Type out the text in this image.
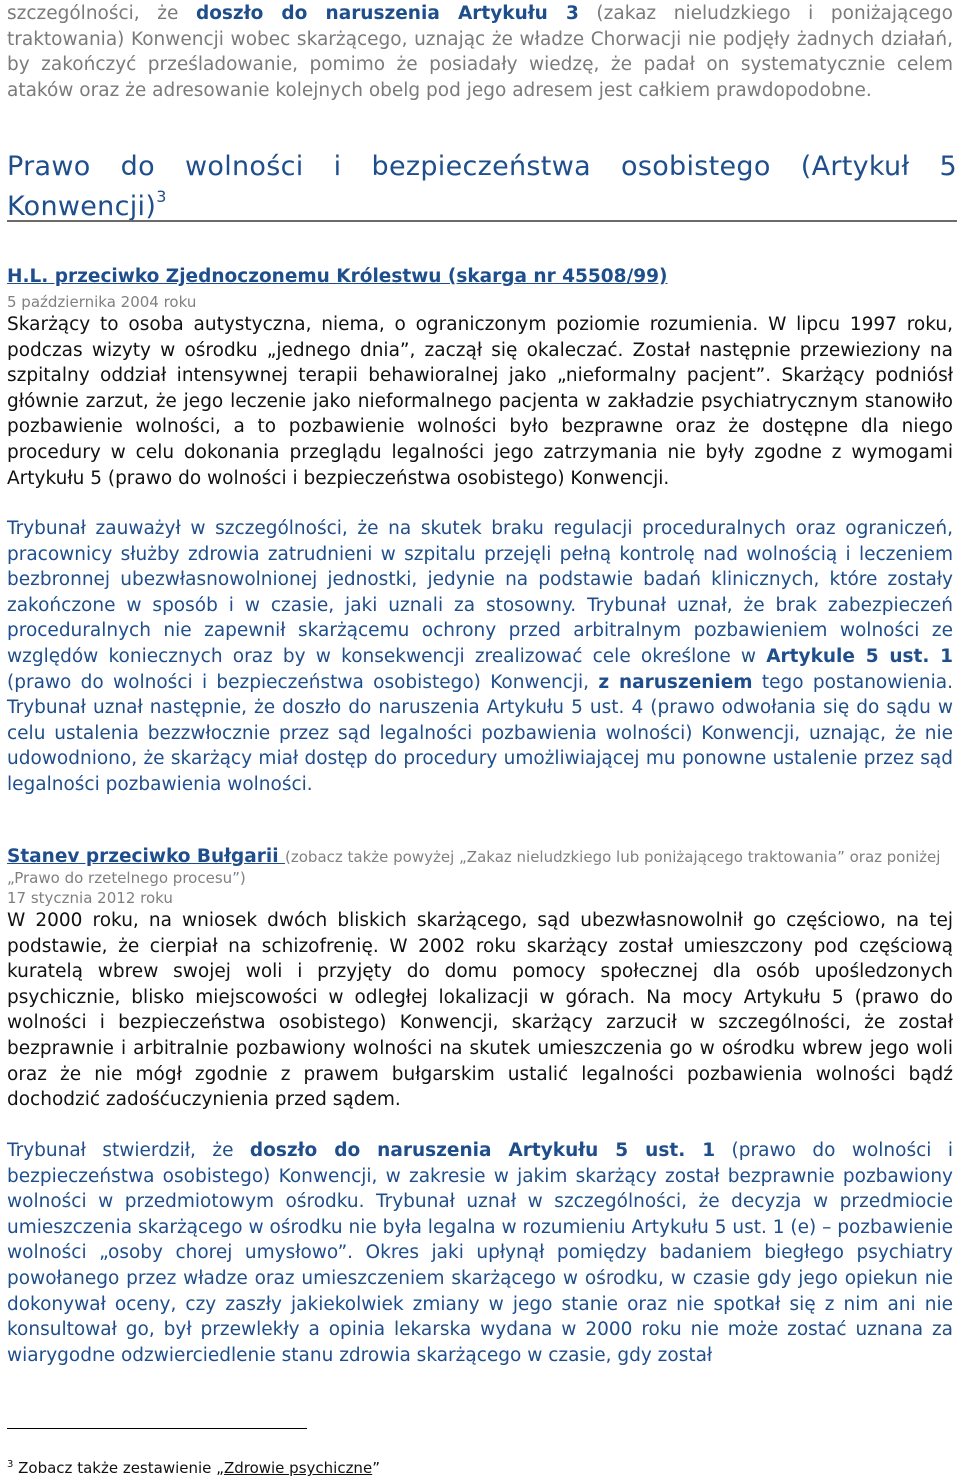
szczególności, że doszło do naruszenia Artykułu 3 (zakaz nieludzkiego i poniżającego traktowania) Konwencji wobec skarżącego, uznając że władze Chorwacji nie podjęły żadnych działań, by zakończyć prześladowanie, pomimo że posiadały wiedzę, że padał on systematycznie celem ataków oraz że adresowanie kolejnych obelg pod jego adresem jest całkiem prawdopodobne.

Prawo do wolności i bezpieczeństwa osobistego (Artykuł 5 Konwencji)$^3$

H.L. przeciwko Zjednoczonemu Królestwu (skarga nr 45508/99)

5 października 2004 roku

Skarżący to osoba autystyczna, niema, o ograniczonym poziomie rozumienia. W lipcu 1997 roku, podczas wizyty w ośrodku „jednego dnia”, zaczął się okaleczać. Został następnie przewieziony na szpitalny oddział intensywnej terapii behawioralnej jako „nieformalny pacjent”. Skarżący podniósł głównie zarzut, że jego leczenie jako nieformalnego pacjenta w zakładzie psychiatrycznym stanowiło pozbawienie wolności, a to pozbawienie wolności było bezprawne oraz że dostępne dla niego procedury w celu dokonania przeglądu legalności jego zatrzymania nie były zgodne z wymogami Artykułu 5 (prawo do wolności i bezpieczeństwa osobistego) Konwencji.

Trybunał zauważył w szczególności, że na skutek braku regulacji proceduralnych oraz ograniczeń, pracownicy służby zdrowia zatrudnieni w szpitalu przejęli pełną kontrolę nad wolnością i leczeniem bezbronnej ubezwłasnowolnionej jednostki, jedynie na podstawie badań klinicznych, które zostały zakończone w sposób i w czasie, jaki uznali za stosowny. Trybunał uznał, że brak zabezpieczeń proceduralnych nie zapewnił skarżącemu ochrony przed arbitralnym pozbawieniem wolności ze względów koniecznych oraz by w konsekwencji zrealizować cele określone w Artykule 5 ust. 1 (prawo do wolności i bezpieczeństwa osobistego) Konwencji, z naruszeniem tego postanowienia. Trybunał uznał następnie, że doszło do naruszenia Artykułu 5 ust. 4 (prawo odwołania się do sądu w celu ustalenia bezzwłocznie przez sąd legalności pozbawienia wolności) Konwencji, uznając, że nie udowodniono, że skarżący miał dostęp do procedury umożliwiającej mu ponowne ustalenie przez sąd legalności pozbawienia wolności.

Stanev przeciwko Bułgarii (zobacz także powyżej „Zakaz nieludzkiego lub poniżającego traktowania” oraz poniżej „Prawo do rzetelnego procesu”)

17 stycznia 2012 roku

W 2000 roku, na wniosek dwóch bliskich skarżącego, sąd ubezwłasnowolnił go częściowo, na tej podstawie, że cierpiał na schizofrenię. W 2002 roku skarżący został umieszczony pod częściową kuratelą wbrew swojej woli i przyjęty do domu pomocy społecznej dla osób upośledzonych psychicznie, blisko miejscowości w odległej lokalizacji w górach. Na mocy Artykułu 5 (prawo do wolności i bezpieczeństwa osobistego) Konwencji, skarżący zarzucił w szczególności, że został bezprawnie i arbitralnie pozbawiony wolności na skutek umieszczenia go w ośrodku wbrew jego woli oraz że nie mógł zgodnie z prawem bułgarskim ustalić legalności pozbawienia wolności bądź dochodzić zadośćuczynienia przed sądem.

Trybunał stwierdził, że doszło do naruszenia Artykułu 5 ust. 1 (prawo do wolności i bezpieczeństwa osobistego) Konwencji, w zakresie w jakim skarżący został bezprawnie pozbawiony wolności w przedmiotowym ośrodku. Trybunał uznał w szczególności, że decyzja w przedmiocie umieszczenia skarżącego w ośrodku nie była legalna w rozumieniu Artykułu 5 ust. 1 (e) – pozbawienie wolności „osoby chorej umysłowo”. Okres jaki upłynął pomiędzy badaniem biegłego psychiatry powołanego przez władze oraz umieszczeniem skarżącego w ośrodku, w czasie gdy jego opiekun nie dokonywał oceny, czy zaszły jakiekolwiek zmiany w jego stanie oraz nie spotkał się z nim ani nie konsultował go, był przewlekły a opinia lekarska wydana w 2000 roku nie może zostać uznana za wiarygodne odzwierciedlenie stanu zdrowia skarżącego w czasie, gdy został

$^3$ Zobacz także zestawienie „Zdrowie psychiczne”
